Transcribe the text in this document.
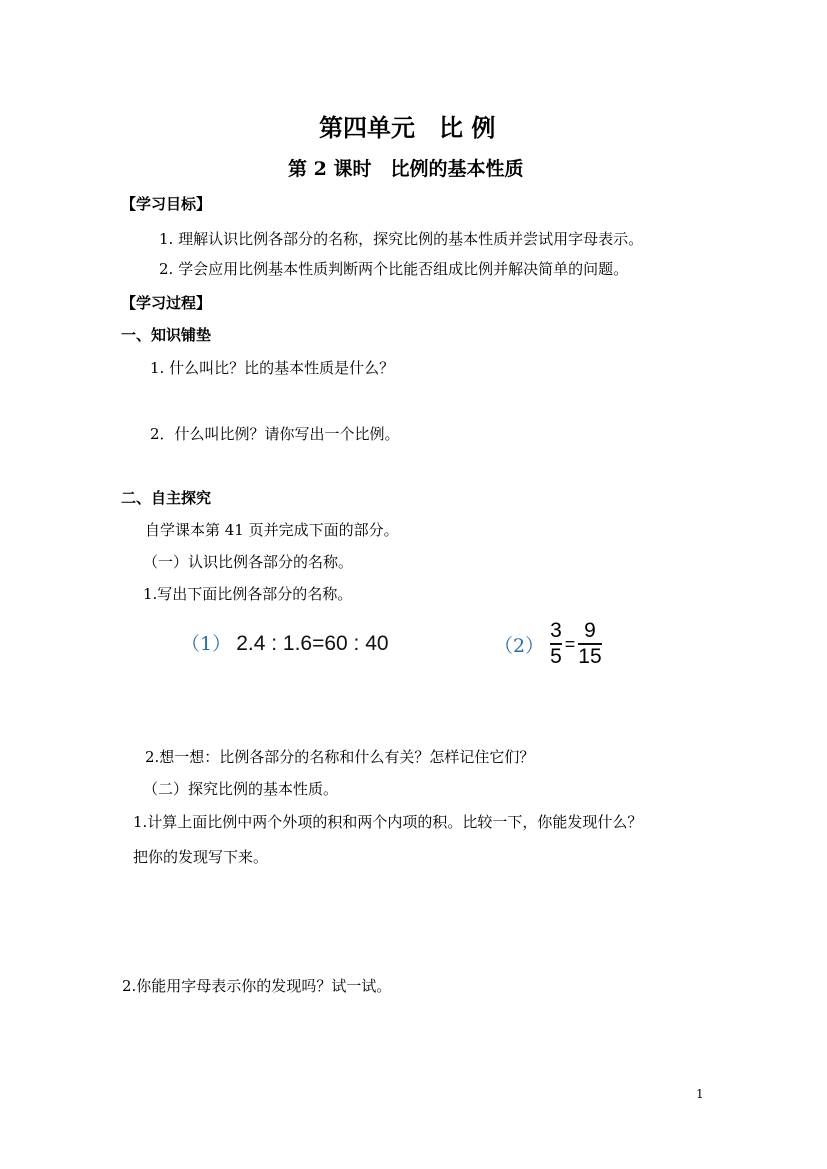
第四单元　比 例
第 2 课时　比例的基本性质
【学习目标】
1. 理解认识比例各部分的名称，探究比例的基本性质并尝试用字母表示。
2. 学会应用比例基本性质判断两个比能否组成比例并解决简单的问题。
【学习过程】
一、知识铺垫
1. 什么叫比？比的基本性质是什么？
2．什么叫比例？请你写出一个比例。
二、自主探究
自学课本第 41 页并完成下面的部分。
（一）认识比例各部分的名称。
1.写出下面比例各部分的名称。
（1） 2.4 : 1.6=60 : 40	$(2) \frac{3}{5} = \frac{9}{15}$
2.想一想：比例各部分的名称和什么有关？怎样记住它们？
（二）探究比例的基本性质。
1.计算上面比例中两个外项的积和两个内项的积。比较一下，你能发现什么？
把你的发现写下来。
2.你能用字母表示你的发现吗？试一试。
1
